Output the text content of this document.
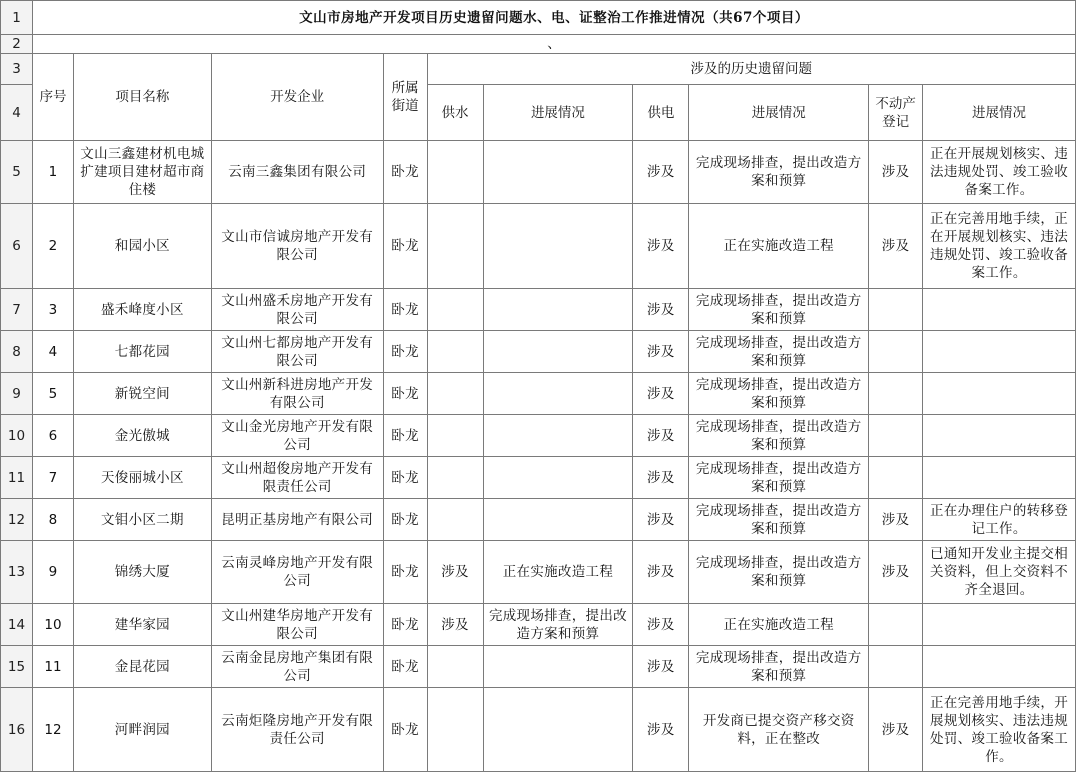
1	文山市房地产开发项目历史遗留问题水、电、证整治工作推进情况（共67个项目）									
2	、									
3	序号	项目名称	开发企业	所属街道	涉及的历史遗留问题					
4					供水	进展情况	供电	进展情况	不动产登记	进展情况
5	1	文山三鑫建材机电城扩建项目建材超市商住楼	云南三鑫集团有限公司	卧龙			涉及	完成现场排查，提出改造方案和预算	涉及	正在开展规划核实、违法违规处罚、竣工验收备案工作。
6	2	和园小区	文山市信诚房地产开发有限公司	卧龙			涉及	正在实施改造工程	涉及	正在完善用地手续，正在开展规划核实、违法违规处罚、竣工验收备案工作。
7	3	盛禾峰度小区	文山州盛禾房地产开发有限公司	卧龙			涉及	完成现场排查，提出改造方案和预算		
8	4	七都花园	文山州七都房地产开发有限公司	卧龙			涉及	完成现场排查，提出改造方案和预算		
9	5	新锐空间	文山州新科进房地产开发有限公司	卧龙			涉及	完成现场排查，提出改造方案和预算		
10	6	金光傲城	文山金光房地产开发有限公司	卧龙			涉及	完成现场排查，提出改造方案和预算		
11	7	天俊丽城小区	文山州超俊房地产开发有限责任公司	卧龙			涉及	完成现场排查，提出改造方案和预算		
12	8	文钼小区二期	昆明正基房地产有限公司	卧龙			涉及	完成现场排查，提出改造方案和预算	涉及	正在办理住户的转移登记工作。
13	9	锦绣大厦	云南灵峰房地产开发有限公司	卧龙	涉及	正在实施改造工程	涉及	完成现场排查，提出改造方案和预算	涉及	已通知开发业主提交相关资料，但上交资料不齐全退回。
14	10	建华家园	文山州建华房地产开发有限公司	卧龙	涉及	完成现场排查，提出改造方案和预算	涉及	正在实施改造工程		
15	11	金昆花园	云南金昆房地产集团有限公司	卧龙			涉及	完成现场排查，提出改造方案和预算		
16	12	河畔润园	云南炬隆房地产开发有限责任公司	卧龙			涉及	开发商已提交资产移交资料，正在整改	涉及	正在完善用地手续，开展规划核实、违法违规处罚、竣工验收备案工作。
